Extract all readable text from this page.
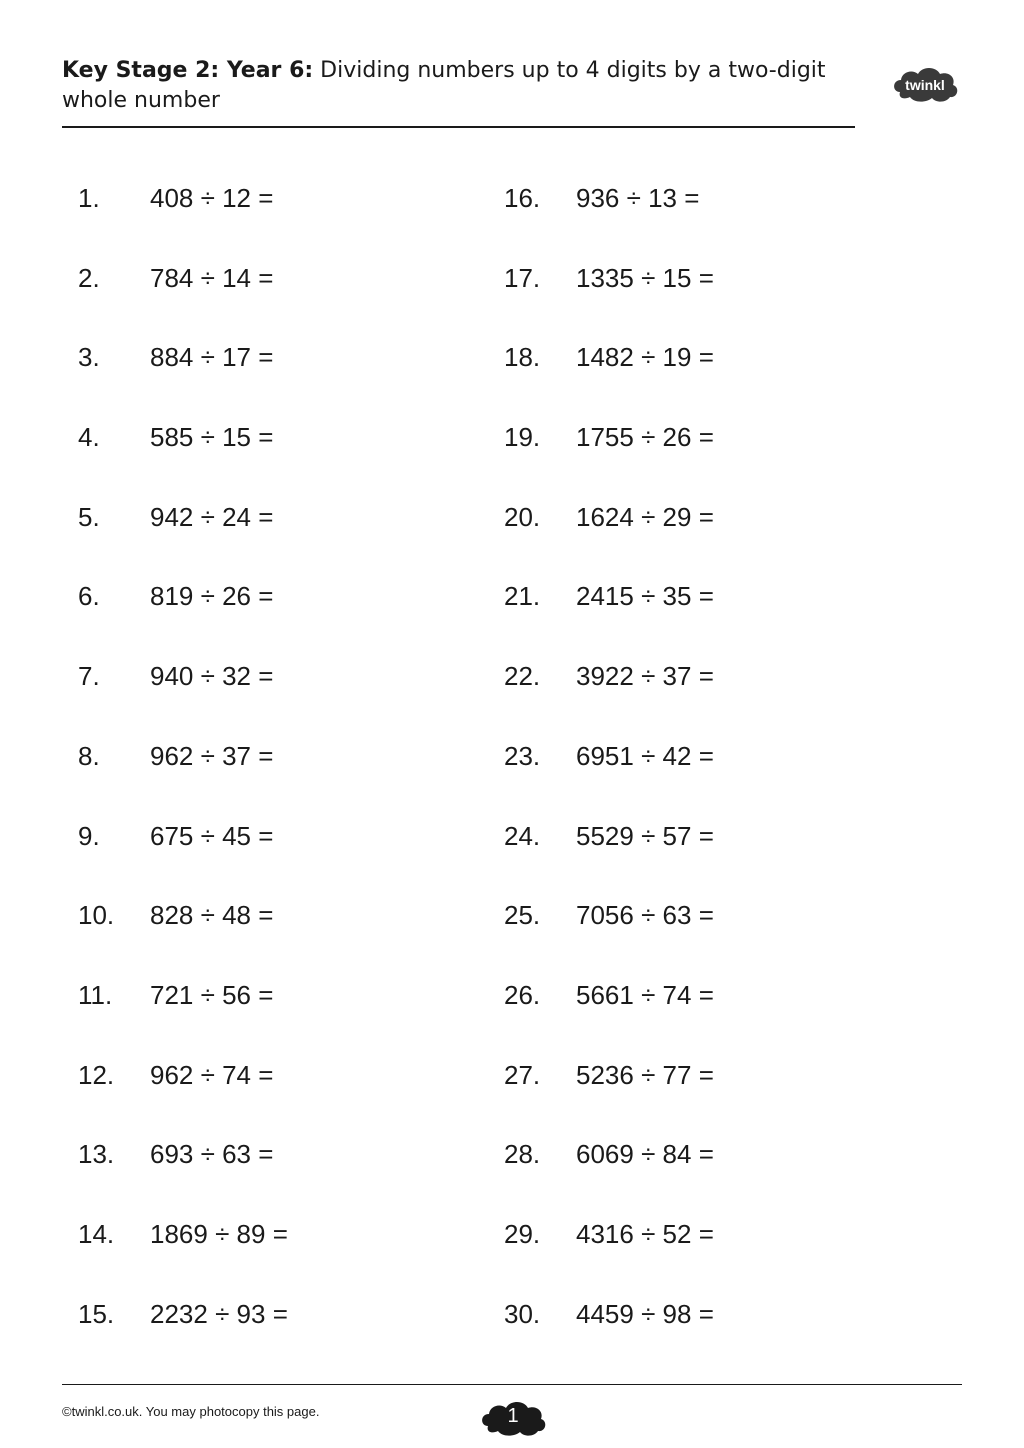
Key Stage 2: Year 6: Dividing numbers up to 4 digits by a two-digit whole number
twinkl
1. 408 ÷ 12 =
2. 784 ÷ 14 =
3. 884 ÷ 17 =
4. 585 ÷ 15 =
5. 942 ÷ 24 =
6. 819 ÷ 26 =
7. 940 ÷ 32 =
8. 962 ÷ 37 =
9. 675 ÷ 45 =
10. 828 ÷ 48 =
11. 721 ÷ 56 =
12. 962 ÷ 74 =
13. 693 ÷ 63 =
14. 1869 ÷ 89 =
15. 2232 ÷ 93 =
16. 936 ÷ 13 =
17. 1335 ÷ 15 =
18. 1482 ÷ 19 =
19. 1755 ÷ 26 =
20. 1624 ÷ 29 =
21. 2415 ÷ 35 =
22. 3922 ÷ 37 =
23. 6951 ÷ 42 =
24. 5529 ÷ 57 =
25. 7056 ÷ 63 =
26. 5661 ÷ 74 =
27. 5236 ÷ 77 =
28. 6069 ÷ 84 =
29. 4316 ÷ 52 =
30. 4459 ÷ 98 =
©twinkl.co.uk. You may photocopy this page.	1
